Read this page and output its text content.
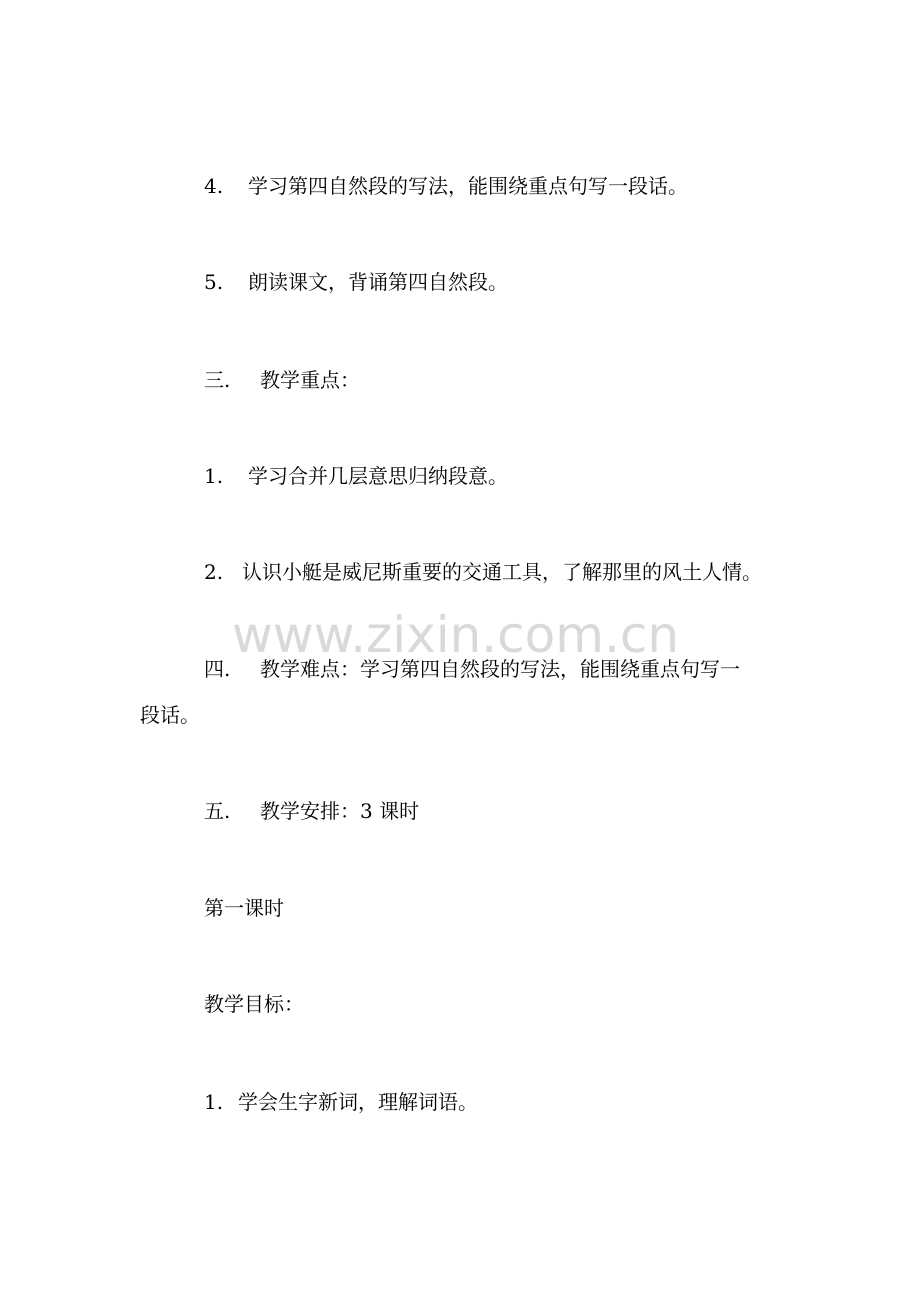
4. 学习第四自然段的写法，能围绕重点句写一段话。
5. 朗读课文，背诵第四自然段。
三. 教学重点：
1. 学习合并几层意思归纳段意。
2. 认识小艇是威尼斯重要的交通工具，了解那里的风土人情。
四. 教学难点：学习第四自然段的写法，能围绕重点句写一
段话。
五. 教学安排：3 课时
第一课时
教学目标：
1. 学会生字新词，理解词语。
www.zixin.com.cn
